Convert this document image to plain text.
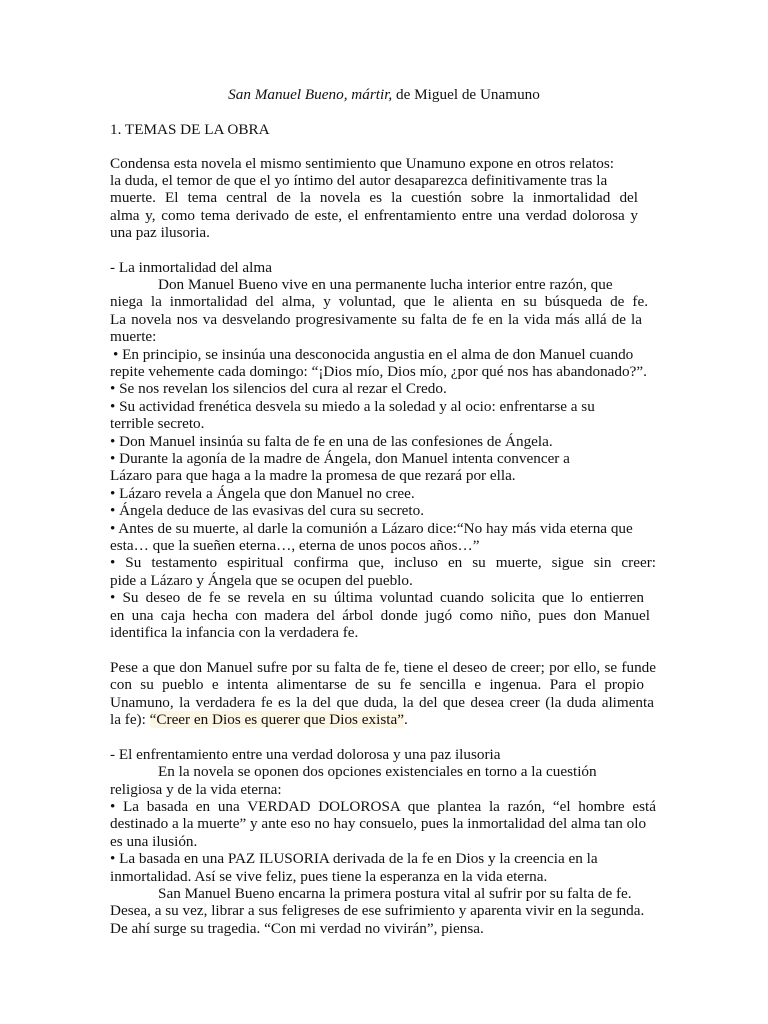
San Manuel Bueno, mártir, de Miguel de Unamuno
1. TEMAS DE LA OBRA
Condensa esta novela el mismo sentimiento que Unamuno expone en otros relatos:
la duda, el temor de que el yo íntimo del autor desaparezca definitivamente tras la
muerte. El tema central de la novela es la cuestión sobre la inmortalidad del
alma y, como tema derivado de este, el enfrentamiento entre una verdad dolorosa y
una paz ilusoria.
- La inmortalidad del alma
Don Manuel Bueno vive en una permanente lucha interior entre razón, que
niega la inmortalidad del alma, y voluntad, que le alienta en su búsqueda de fe.
La novela nos va desvelando progresivamente su falta de fe en la vida más allá de la
muerte:
• En principio, se insinúa una desconocida angustia en el alma de don Manuel cuando
repite vehemente cada domingo: “¡Dios mío, Dios mío, ¿por qué nos has abandonado?”.
• Se nos revelan los silencios del cura al rezar el Credo.
• Su actividad frenética desvela su miedo a la soledad y al ocio: enfrentarse a su
terrible secreto.
• Don Manuel insinúa su falta de fe en una de las confesiones de Ángela.
• Durante la agonía de la madre de Ángela, don Manuel intenta convencer a
Lázaro para que haga a la madre la promesa de que rezará por ella.
• Lázaro revela a Ángela que don Manuel no cree.
• Ángela deduce de las evasivas del cura su secreto.
• Antes de su muerte, al darle la comunión a Lázaro dice:“No hay más vida eterna que
esta… que la sueñen eterna…, eterna de unos pocos años…”
• Su testamento espiritual confirma que, incluso en su muerte, sigue sin creer:
pide a Lázaro y Ángela que se ocupen del pueblo.
• Su deseo de fe se revela en su última voluntad cuando solicita que lo entierren
en una caja hecha con madera del árbol donde jugó como niño, pues don Manuel
identifica la infancia con la verdadera fe.
Pese a que don Manuel sufre por su falta de fe, tiene el deseo de creer; por ello, se funde
con su pueblo e intenta alimentarse de su fe sencilla e ingenua. Para el propio
Unamuno, la verdadera fe es la del que duda, la del que desea creer (la duda alimenta
la fe): “Creer en Dios es querer que Dios exista”.
- El enfrentamiento entre una verdad dolorosa y una paz ilusoria
En la novela se oponen dos opciones existenciales en torno a la cuestión
religiosa y de la vida eterna:
• La basada en una VERDAD DOLOROSA que plantea la razón, “el hombre está
destinado a la muerte” y ante eso no hay consuelo, pues la inmortalidad del alma tan olo
es una ilusión.
• La basada en una PAZ ILUSORIA derivada de la fe en Dios y la creencia en la
inmortalidad. Así se vive feliz, pues tiene la esperanza en la vida eterna.
San Manuel Bueno encarna la primera postura vital al sufrir por su falta de fe.
Desea, a su vez, librar a sus feligreses de ese sufrimiento y aparenta vivir en la segunda.
De ahí surge su tragedia. “Con mi verdad no vivirán”, piensa.
